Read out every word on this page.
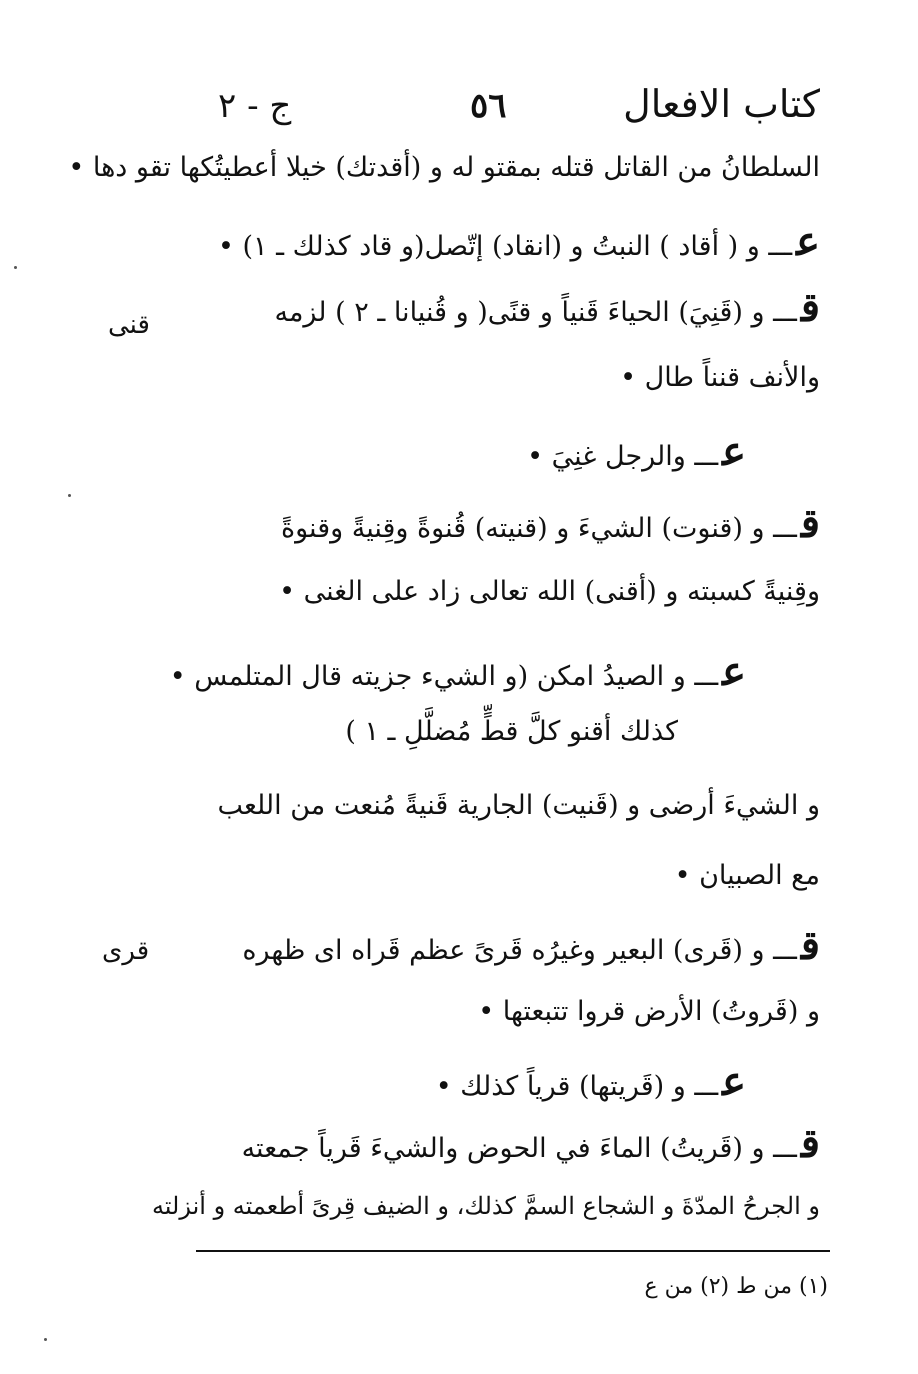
كتاب الافعال
٥٦
ج - ٢
السلطانُ من القاتل قتله بمقتو له و (أقدتك) خيلا أعطيتُكها تقو دها •
عـــ و ( أقاد ) النبتُ و (انقاد) إتّصل(و قاد كذلك ـ ١) •
قـــ و (قَنِيَ) الحياءَ قَنياً و قنًى( و قُنيانا ـ ٢ ) لزمه
والأنف قنناً طال •
عـــ والرجل غنِيَ •
قـــ و (قنوت) الشيءَ و (قنيته) قُنوةً وقِنيةً وقنوةً
وقِنيةً كسبته و (أقنى) الله تعالى زاد على الغنى •
عـــ و الصيدُ امكن (و الشيء جزيته قال المتلمس •
كذلك أقنو كلَّ قطٍّ مُضلَّلِ ـ ١ )
و الشيءَ أرضى و (قَنيت) الجارية قَنيةً مُنعت من اللعب
مع الصبيان •
قـــ و (قَرى) البعير وغيرُه قَرىً عظم قَراه اى ظهره
و (قَروتُ) الأرض قروا تتبعتها •
عـــ و (قَريتها) قرياً كذلك •
قـــ و (قَريتُ) الماءَ في الحوض والشيءَ قَرياً جمعته
و الجرحُ المدّةَ و الشجاع السمَّ كذلك، و الضيف قِرىً أطعمته و أنزلته
قنى
قرى
(١) من ط (٢) من ع
